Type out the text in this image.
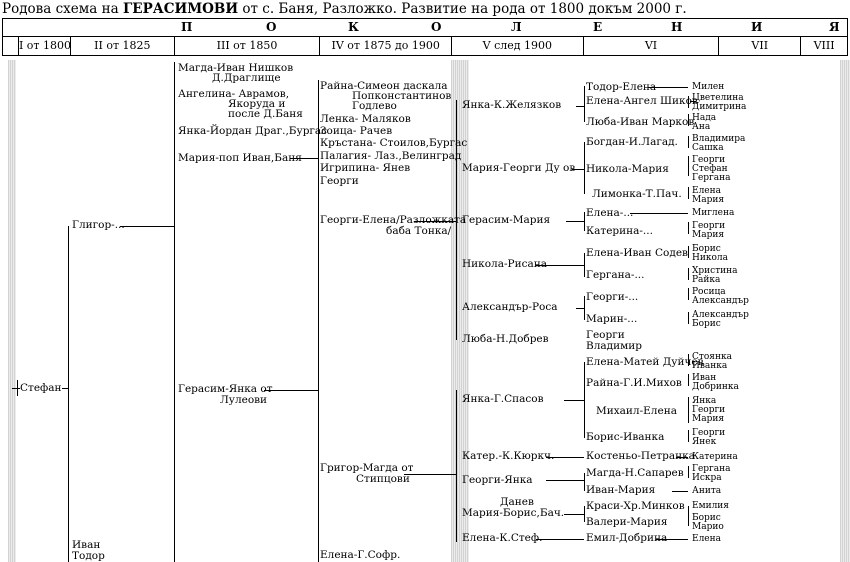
Родова схема на ГЕРАСИМОВИ от с. Баня, Разложко. Развитие на рода от 1800 докъм 2000 г.
П	О	К	О	Л	Е	Н	И	Я
I от 1800	II от 1825	III от 1850	IV от 1875 до 1900	V след 1900	VI	VII	VIII
Стефан
Глигор-...
Иван
Тодор
Магда-Иван Нишков
Д.Драглище
Ангелина- Аврамов,
Якоруда и
после Д.Баня
Янка-Йордан Драг.,Бургас
Мария-поп Иван,Баня
Герасим-Янка от
Лулеови
Райна-Симеон даскала
Попконстантинов
Годлево
Ленка- Маляков
Зоица- Рачев
Кръстана- Стоилов,Бургас
Палагия- Лаз.,Велинград
Игрипина- Янев
Георги
Георги-Елена/Разложката
баба Тонка/
Григор-Магда от
Стипцови
Елена-Г.Софр.
Янка-К.Желязков
Мария-Георги Ду ов
Герасим-Мария
Никола-Рисана
Александър-Роса
Люба-Н.Добрев
Янка-Г.Спасов
Катер.-К.Кюркч.
Георги-Янка
Данев
Мария-Борис,Бач.
Елена-К.Стеф.
Тодор-Елена
Елена-Ангел Шиков
Люба-Иван Марков
Богдан-И.Лагад.
Никола-Мария
Лимонка-Т.Пач.
Елена-...
Катерина-...
Елена-Иван Содев
Гергана-...
Георги-...
Марин-...
Георги
Владимир
Елена-Матей Дуйчев
Райна-Г.И.Михов
Михаил-Елена
Борис-Иванка
Костеньо-Петранка
Магда-Н.Сапарев
Иван-Мария
Краси-Хр.Минков
Валери-Мария
Емил-Добрина
Милен
Цветелина
Димитрина
Нада
Ана
Владимира
Сашка
Георги
Стефан
Гергана
Елена
Мария
Миглена
Георги
Мария
Борис
Никола
Христина
Райка
Росица
Александър
Александър
Борис
Стоянка
Иванка
Иван
Добринка
Янка
Георги
Мария
Георги
Янек
Катерина
Гергана
Искра
Анита
Емилия
Борис
Марио
Елена
